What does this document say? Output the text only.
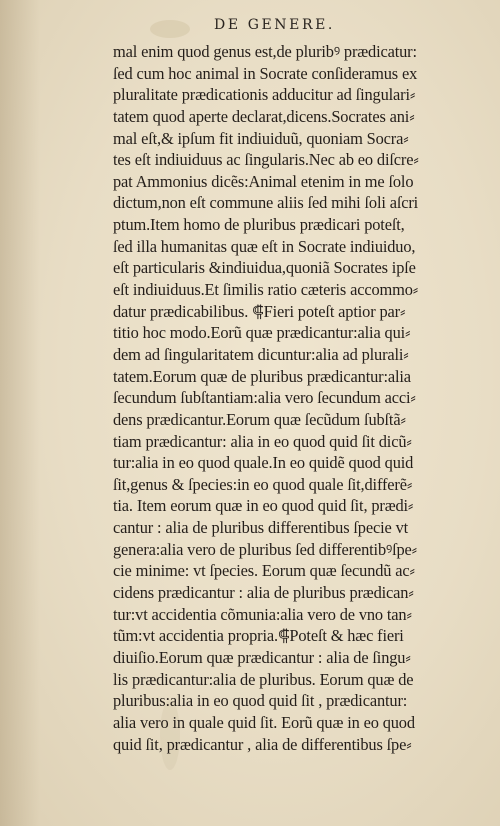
DE GENERE.

mal enim quod genus est,de pluribꝰ prædicatur:
ſed cum hoc animal in Socrate conſideramus ex
pluralitate prædicationis adducitur ad ſingulari⸗
tatem quod aperte declarat,dicens.Socrates ani⸗
mal eſt,& ipſum fit indiuiduũ, quoniam Socra⸗
tes eſt indiuiduus ac ſingularis.Nec ab eo diſcre⸗
pat Ammonius dicẽs:Animal etenim in me ſolo
dictum,non eſt commune aliis ſed mihi ſoli aſcri
ptum.Item homo de pluribus prædicari poteſt,
ſed illa humanitas quæ eſt in Socrate indiuiduo,
eſt particularis &indiuidua,quoniã Socrates ipſe
eſt indiuiduus.Et ſimilis ratio cæteris accommo⸗
datur prædicabilibus. ⸿Fieri poteſt aptior par⸗
titio hoc modo.Eorũ quæ prædicantur:alia qui⸗
dem ad ſingularitatem dicuntur:alia ad plurali⸗
tatem.Eorum quæ de pluribus prædicantur:alia
ſecundum ſubſtantiam:alia vero ſecundum acci⸗
dens prædicantur.Eorum quæ ſecũdum ſubſtã⸗
tiam prædicantur: alia in eo quod quid ſit dicũ⸗
tur:alia in eo quod quale.In eo quidẽ quod quid
ſit,genus & ſpecies:in eo quod quale ſit,differẽ⸗
tia. Item eorum quæ in eo quod quid ſit, prædi⸗
cantur : alia de pluribus differentibus ſpecie vt
genera:alia vero de pluribus ſed differentibꝰſpe⸗
cie minime: vt ſpecies. Eorum quæ ſecundũ ac⸗
cidens prædicantur : alia de pluribus prædican⸗
tur:vt accidentia cõmunia:alia vero de vno tan⸗
tũm:vt accidentia propria.⸿Poteſt & hæc fieri
diuiſio.Eorum quæ prædicantur : alia de ſingu⸗
lis prædicantur:alia de pluribus. Eorum quæ de
pluribus:alia in eo quod quid ſit , prædicantur:
alia vero in quale quid ſit. Eorũ quæ in eo quod
quid ſit, prædicantur , alia de differentibus ſpe⸗
